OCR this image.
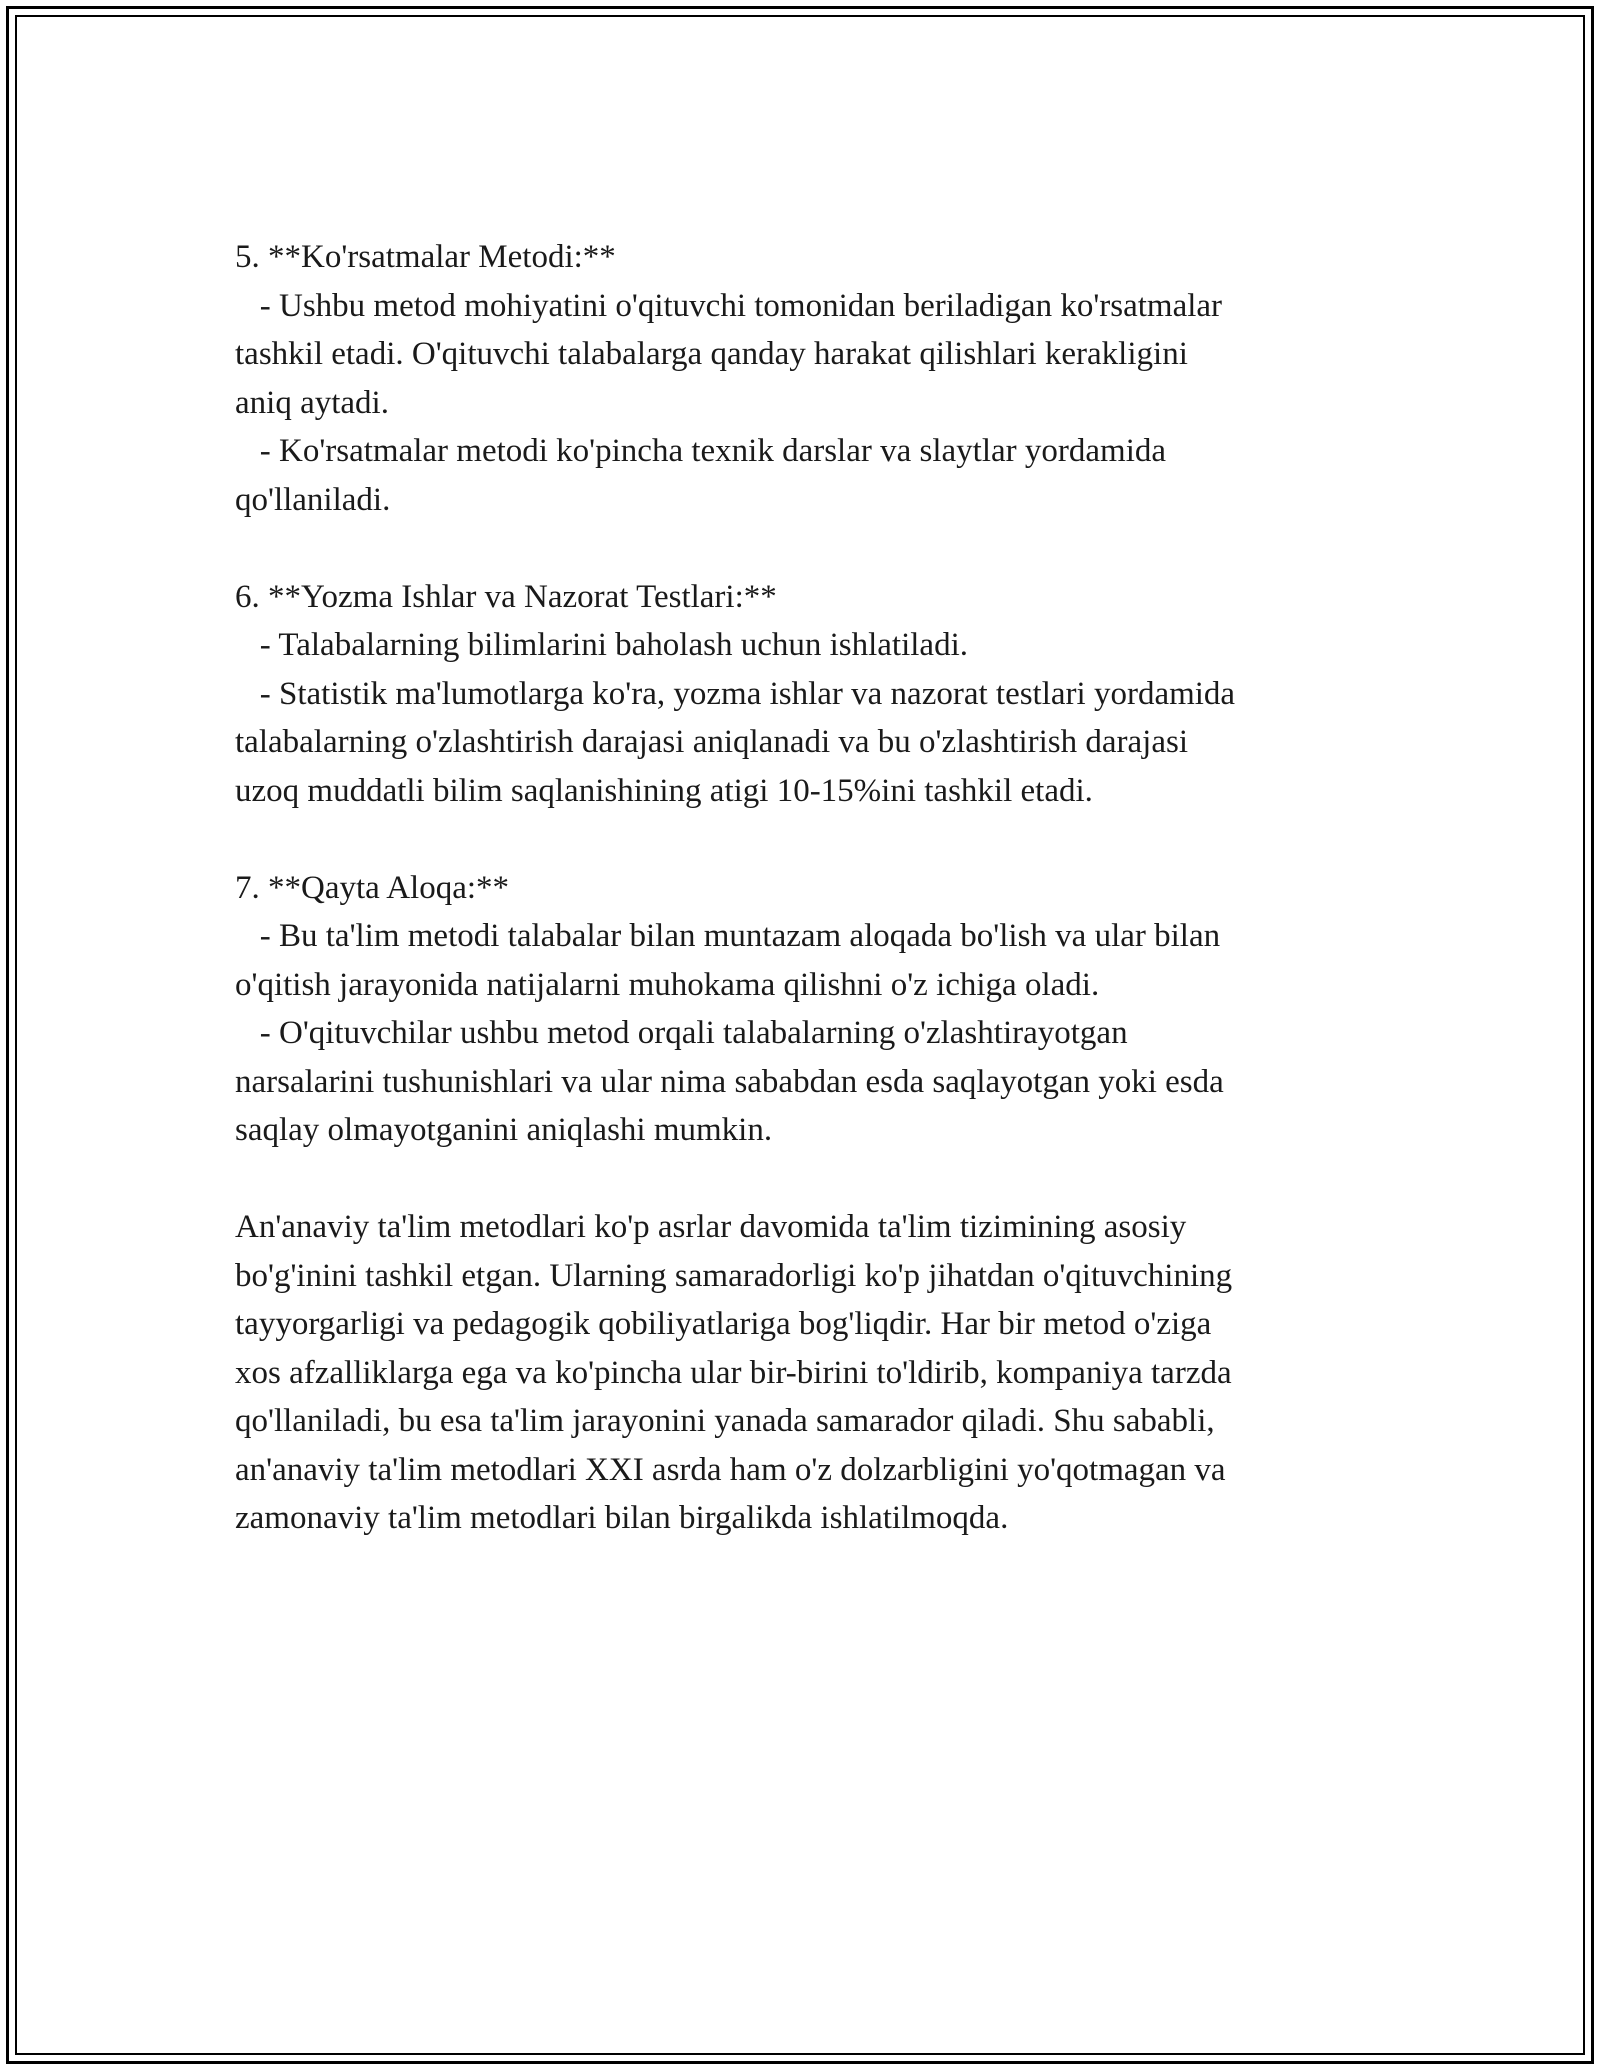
5. **Ko'rsatmalar Metodi:**
- Ushbu metod mohiyatini o'qituvchi tomonidan beriladigan ko'rsatmalar
tashkil etadi. O'qituvchi talabalarga qanday harakat qilishlari kerakligini
aniq aytadi.
- Ko'rsatmalar metodi ko'pincha texnik darslar va slaytlar yordamida
qo'llaniladi.

6. **Yozma Ishlar va Nazorat Testlari:**
- Talabalarning bilimlarini baholash uchun ishlatiladi.
- Statistik ma'lumotlarga ko'ra, yozma ishlar va nazorat testlari yordamida
talabalarning o'zlashtirish darajasi aniqlanadi va bu o'zlashtirish darajasi
uzoq muddatli bilim saqlanishining atigi 10-15%ini tashkil etadi.

7. **Qayta Aloqa:**
- Bu ta'lim metodi talabalar bilan muntazam aloqada bo'lish va ular bilan
o'qitish jarayonida natijalarni muhokama qilishni o'z ichiga oladi.
- O'qituvchilar ushbu metod orqali talabalarning o'zlashtirayotgan
narsalarini tushunishlari va ular nima sababdan esda saqlayotgan yoki esda
saqlay olmayotganini aniqlashi mumkin.

An'anaviy ta'lim metodlari ko'p asrlar davomida ta'lim tizimining asosiy
bo'g'inini tashkil etgan. Ularning samaradorligi ko'p jihatdan o'qituvchining
tayyorgarligi va pedagogik qobiliyatlariga bog'liqdir. Har bir metod o'ziga
xos afzalliklarga ega va ko'pincha ular bir-birini to'ldirib, kompaniya tarzda
qo'llaniladi, bu esa ta'lim jarayonini yanada samarador qiladi. Shu sababli,
an'anaviy ta'lim metodlari XXI asrda ham o'z dolzarbligini yo'qotmagan va
zamonaviy ta'lim metodlari bilan birgalikda ishlatilmoqda.
